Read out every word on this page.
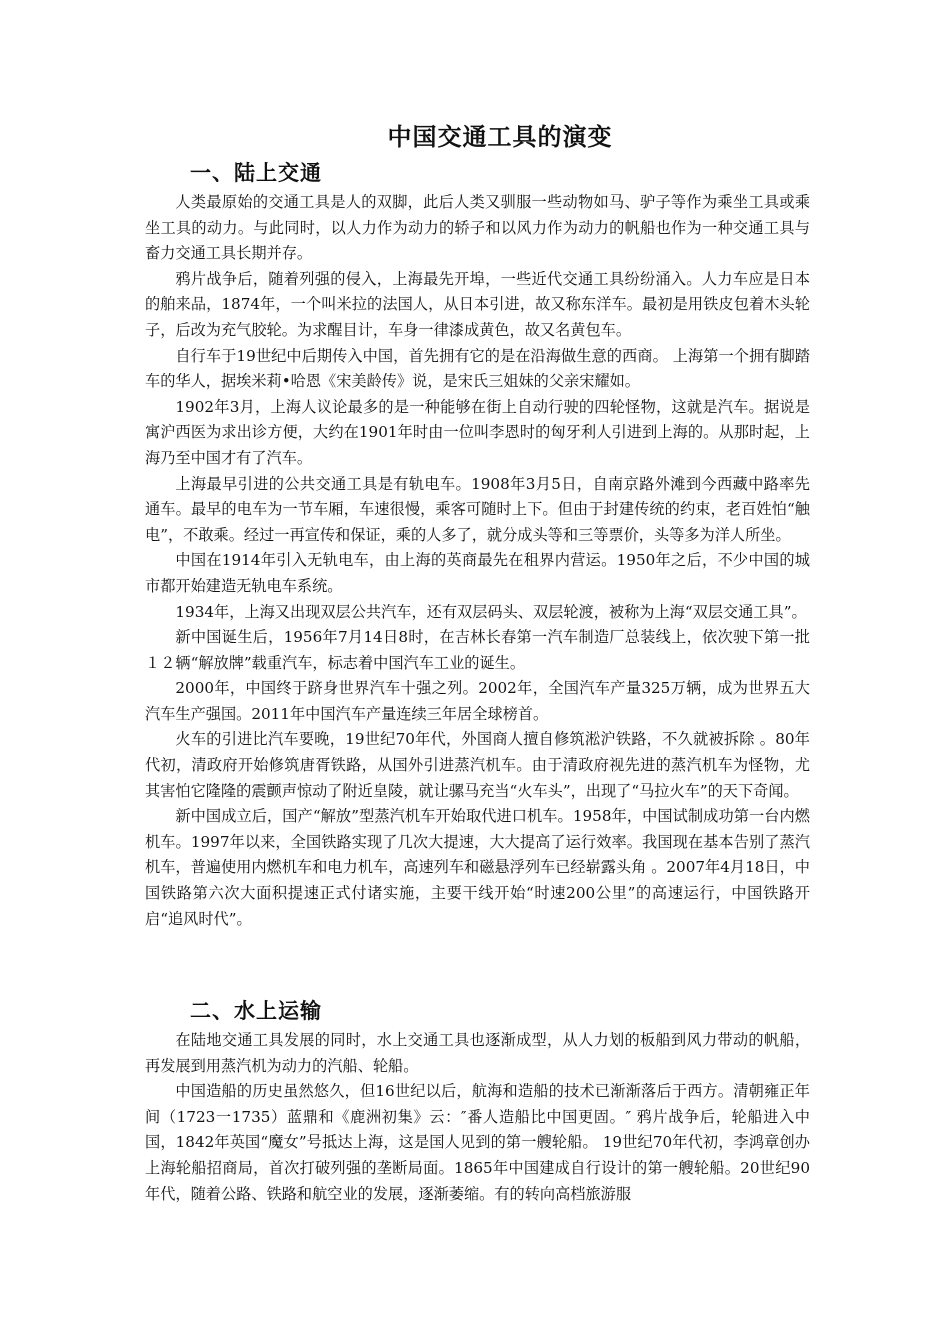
中国交通工具的演变
一、陆上交通

人类最原始的交通工具是人的双脚，此后人类又驯服一些动物如马、驴子等作为乘坐工具或乘坐工具的动力。与此同时，以人力作为动力的轿子和以风力作为动力的帆船也作为一种交通工具与畜力交通工具长期并存。

鸦片战争后，随着列强的侵入，上海最先开埠，一些近代交通工具纷纷涌入。人力车应是日本的舶来品，1874年，一个叫米拉的法国人，从日本引进，故又称东洋车。最初是用铁皮包着木头轮子，后改为充气胶轮。为求醒目计，车身一律漆成黄色，故又名黄包车。

自行车于19世纪中后期传入中国，首先拥有它的是在沿海做生意的西商。 上海第一个拥有脚踏车的华人，据埃米莉•哈恩《宋美龄传》说，是宋氏三姐妹的父亲宋耀如。

1902年3月，上海人议论最多的是一种能够在街上自动行驶的四轮怪物，这就是汽车。据说是寓沪西医为求出诊方便，大约在1901年时由一位叫李恩时的匈牙利人引进到上海的。从那时起，上海乃至中国才有了汽车。

上海最早引进的公共交通工具是有轨电车。1908年3月5日，自南京路外滩到今西藏中路率先通车。最早的电车为一节车厢，车速很慢，乘客可随时上下。但由于封建传统的约束，老百姓怕“触电”，不敢乘。经过一再宣传和保证，乘的人多了，就分成头等和三等票价，头等多为洋人所坐。

中国在1914年引入无轨电车，由上海的英商最先在租界内营运。1950年之后，不少中国的城市都开始建造无轨电车系统。

1934年，上海又出现双层公共汽车，还有双层码头、双层轮渡，被称为上海“双层交通工具”。

新中国诞生后，1956年7月14日8时，在吉林长春第一汽车制造厂总装线上，依次驶下第一批１２辆“解放牌”载重汽车，标志着中国汽车工业的诞生。

2000年，中国终于跻身世界汽车十强之列。2002年，全国汽车产量325万辆，成为世界五大汽车生产强国。2011年中国汽车产量连续三年居全球榜首。

火车的引进比汽车要晚，19世纪70年代，外国商人擅自修筑淞沪铁路，不久就被拆除 。80年代初，清政府开始修筑唐胥铁路，从国外引进蒸汽机车。由于清政府视先进的蒸汽机车为怪物，尤其害怕它隆隆的震颤声惊动了附近皇陵，就让骡马充当“火车头”，出现了“马拉火车”的天下奇闻。

新中国成立后，国产“解放”型蒸汽机车开始取代进口机车。1958年，中国试制成功第一台内燃机车。1997年以来，全国铁路实现了几次大提速，大大提高了运行效率。我国现在基本告别了蒸汽机车，普遍使用内燃机车和电力机车，高速列车和磁悬浮列车已经崭露头角 。2007年4月18日，中国铁路第六次大面积提速正式付诸实施，主要干线开始“时速200公里”的高速运行，中国铁路开启“追风时代”。

二、水上运输

在陆地交通工具发展的同时，水上交通工具也逐渐成型，从人力划的板船到风力带动的帆船，再发展到用蒸汽机为动力的汽船、轮船。

中国造船的历史虽然悠久，但16世纪以后，航海和造船的技术已渐渐落后于西方。清朝雍正年间（1723一1735）蓝鼎和《鹿洲初集》云：″番人造船比中国更固。″ 鸦片战争后，轮船进入中国，1842年英国“魔女”号抵达上海，这是国人见到的第一艘轮船。 19世纪70年代初，李鸿章创办上海轮船招商局，首次打破列强的垄断局面。1865年中国建成自行设计的第一艘轮船。20世纪90年代，随着公路、铁路和航空业的发展，逐渐萎缩。有的转向高档旅游服
